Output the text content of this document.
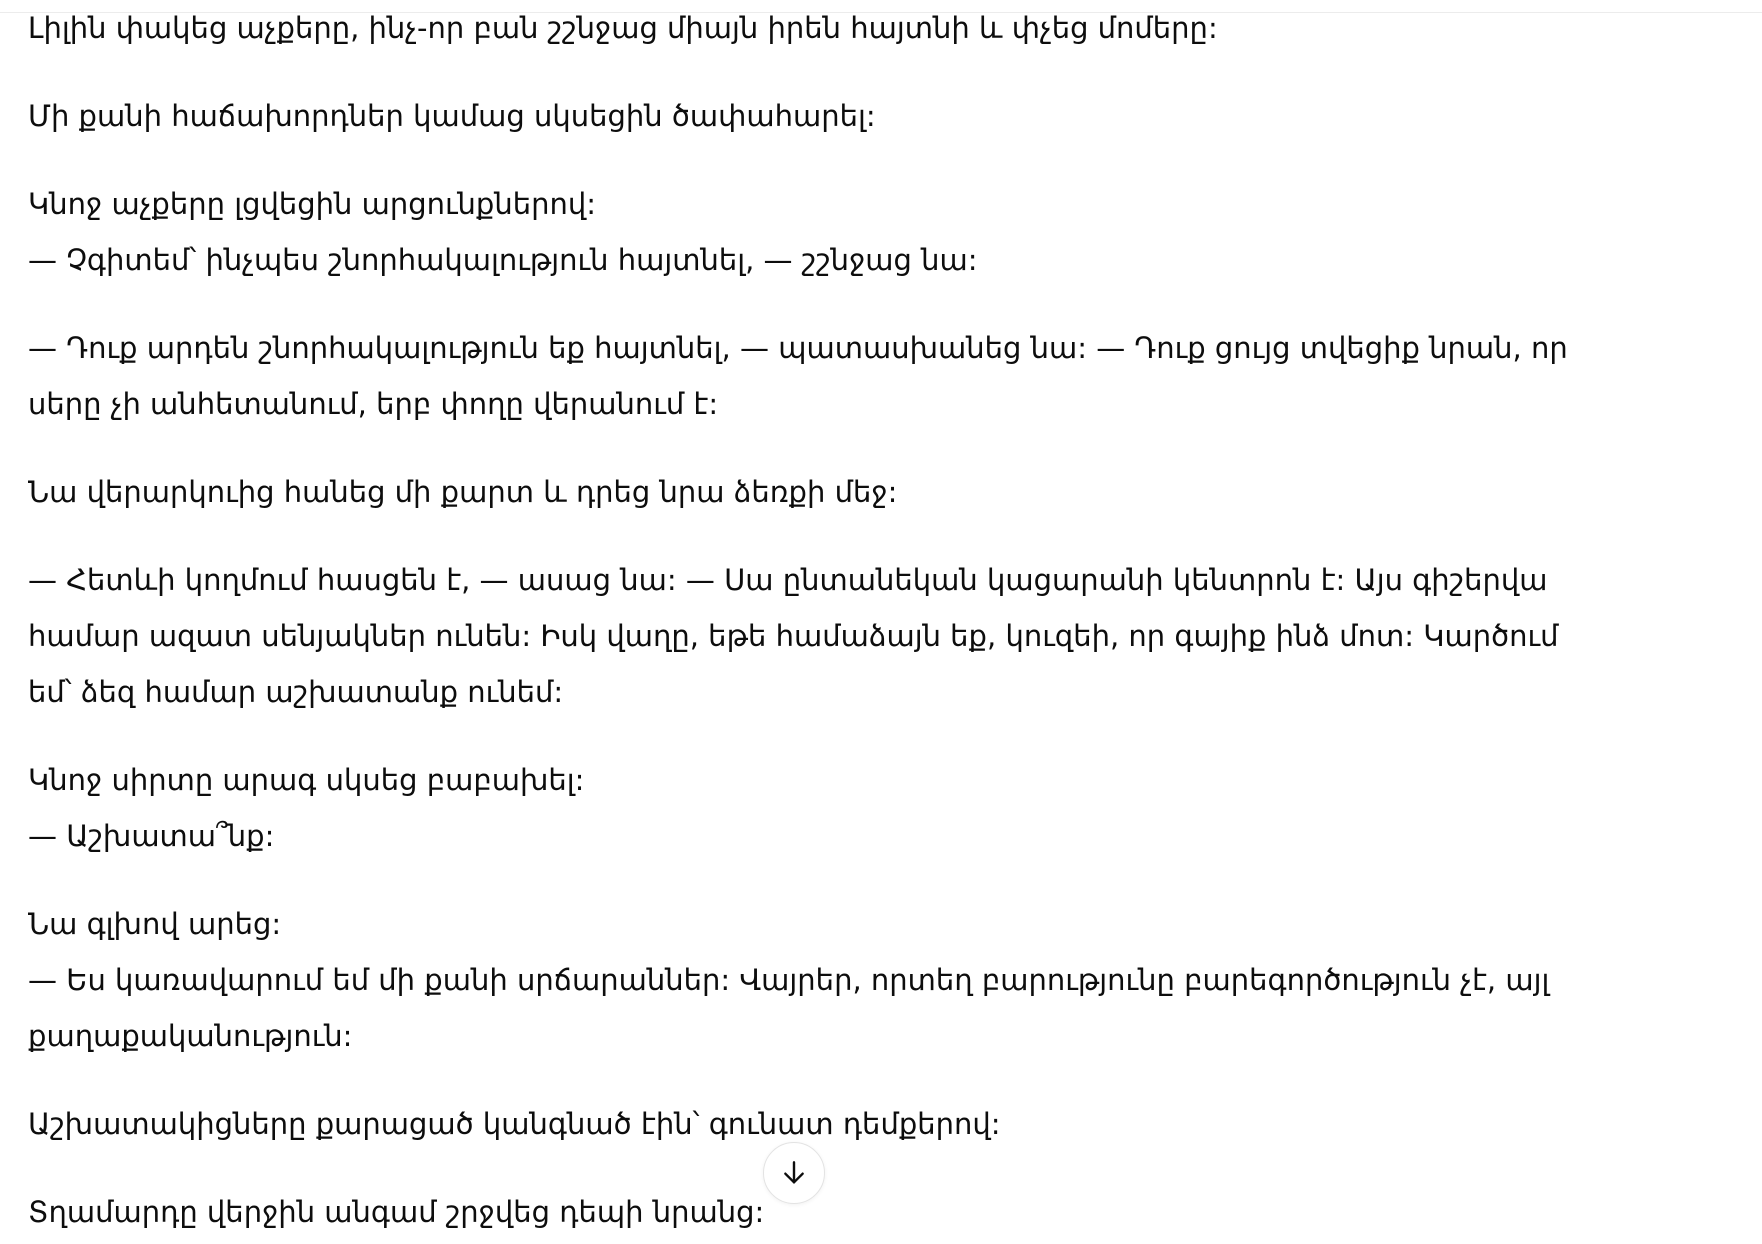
Լիլին փակեց աչքերը, ինչ-որ բան շշնջաց միայն իրեն հայտնի և փչեց մոմերը:

Մի քանի հաճախորդներ կամաց սկսեցին ծափահարել:

Կնոջ աչքերը լցվեցին արցունքներով:
— Չգիտեմ՝ ինչպես շնորհակալություն հայտնել, — շշնջաց նա:

— Դուք արդեն շնորհակալություն եք հայտնել, — պատասխանեց նա: — Դուք ցույց տվեցիք նրան, որ
սերը չի անհետանում, երբ փողը վերանում է:

Նա վերարկուից հանեց մի քարտ և դրեց նրա ձեռքի մեջ:

— Հետևի կողմում հասցեն է, — ասաց նա: — Սա ընտանեկան կացարանի կենտրոն է: Այս գիշերվա
համար ազատ սենյակներ ունեն: Իսկ վաղը, եթե համաձայն եք, կուզեի, որ գայիք ինձ մոտ: Կարծում
եմ՝ ձեզ համար աշխատանք ունեմ:

Կնոջ սիրտը արագ սկսեց բաբախել:
— Աշխատա՞նք:

Նա գլխով արեց:
— Ես կառավարում եմ մի քանի սրճարաններ: Վայրեր, որտեղ բարությունը բարեգործություն չէ, այլ
քաղաքականություն:

Աշխատակիցները քարացած կանգնած էին՝ գունատ դեմքերով:

Տղամարդը վերջին անգամ շրջվեց դեպի նրանց:
